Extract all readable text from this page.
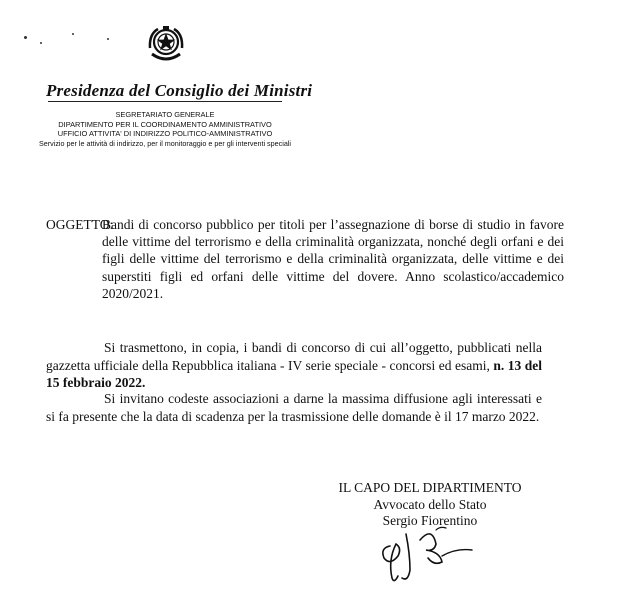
Presidenza del Consiglio dei Ministri
SEGRETARIATO GENERALE
DIPARTIMENTO PER IL COORDINAMENTO AMMINISTRATIVO
UFFICIO ATTIVITA' DI INDIRIZZO POLITICO-AMMINISTRATIVO
Servizio per le attività di indirizzo, per il monitoraggio e per gli interventi speciali
OGGETTO:
Bandi di concorso pubblico per titoli per l’assegnazione di borse di studio in favore delle vittime del terrorismo e della criminalità organizzata, nonché degli orfani e dei figli delle vittime del terrorismo e della criminalità organizzata, delle vittime e dei superstiti figli ed orfani delle vittime del dovere. Anno scolastico/accademico 2020/2021.
Si trasmettono, in copia, i bandi di concorso di cui all’oggetto, pubblicati nella gazzetta ufficiale della Repubblica italiana - IV serie speciale - concorsi ed esami, n. 13 del 15 febbraio 2022.
Si invitano codeste associazioni a darne la massima diffusione agli interessati e si fa presente che la data di scadenza per la trasmissione delle domande è il 17 marzo 2022.
IL CAPO DEL DIPARTIMENTO
Avvocato dello Stato
Sergio Fiorentino
